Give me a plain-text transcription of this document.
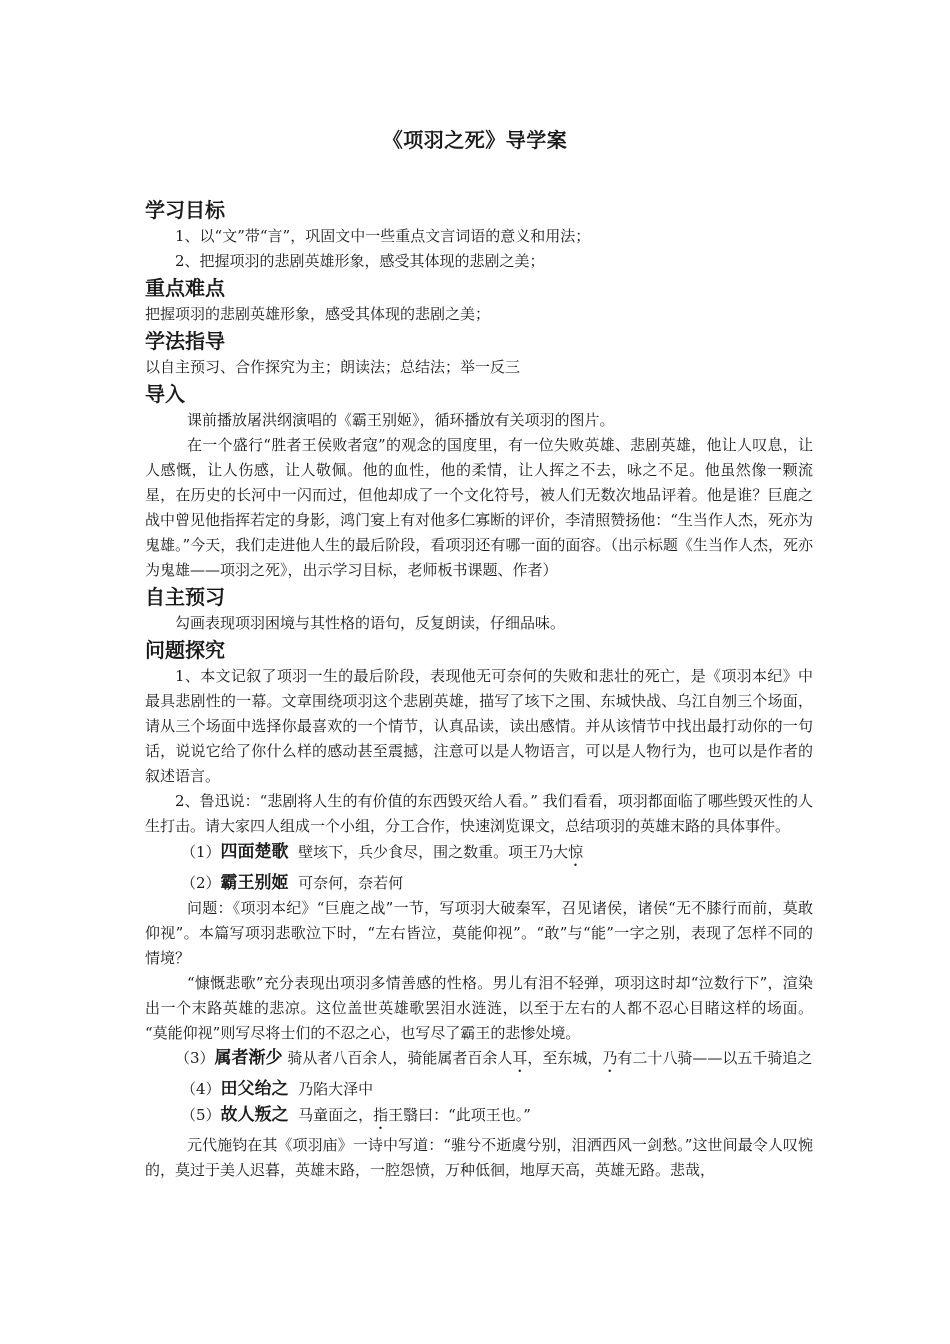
《项羽之死》导学案

学习目标

1、以“文”带“言”，巩固文中一些重点文言词语的意义和用法；

2、把握项羽的悲剧英雄形象，感受其体现的悲剧之美；

重点难点

把握项羽的悲剧英雄形象，感受其体现的悲剧之美；

学法指导

以自主预习、合作探究为主；朗读法；总结法；举一反三

导入

课前播放屠洪纲演唱的《霸王别姬》，循环播放有关项羽的图片。

在一个盛行“胜者王侯败者寇”的观念的国度里，有一位失败英雄、悲剧英雄，他让人叹息，让人感慨，让人伤感，让人敬佩。他的血性，他的柔情，让人挥之不去，咏之不足。他虽然像一颗流星，在历史的长河中一闪而过，但他却成了一个文化符号，被人们无数次地品评着。他是谁？巨鹿之战中曾见他指挥若定的身影，鸿门宴上有对他多仁寡断的评价，李清照赞扬他：“生当作人杰，死亦为鬼雄。”今天，我们走进他人生的最后阶段，看项羽还有哪一面的面容。（出示标题《生当作人杰，死亦为鬼雄——项羽之死》，出示学习目标，老师板书课题、作者）

自主预习

勾画表现项羽困境与其性格的语句，反复朗读，仔细品味。

问题探究

1、本文记叙了项羽一生的最后阶段，表现他无可奈何的失败和悲壮的死亡，是《项羽本纪》中最具悲剧性的一幕。文章围绕项羽这个悲剧英雄，描写了垓下之围、东城快战、乌江自刎三个场面，请从三个场面中选择你最喜欢的一个情节，认真品读，读出感情。并从该情节中找出最打动你的一句话，说说它给了你什么样的感动甚至震撼，注意可以是人物语言，可以是人物行为，也可以是作者的叙述语言。

2、鲁迅说：“悲剧将人生的有价值的东西毁灭给人看。” 我们看看，项羽都面临了哪些毁灭性的人生打击。请大家四人组成一个小组，分工合作，快速浏览课文，总结项羽的英雄末路的具体事件。

（1）四面楚歌 壁垓下，兵少食尽，围之数重。项王乃大惊

（2）霸王别姬 可奈何，奈若何

问题：《项羽本纪》“巨鹿之战”一节，写项羽大破秦军，召见诸侯，诸侯“无不膝行而前，莫敢仰视”。本篇写项羽悲歌泣下时，“左右皆泣，莫能仰视”。“敢”与“能”一字之别，表现了怎样不同的情境？

“慷慨悲歌”充分表现出项羽多情善感的性格。男儿有泪不轻弹，项羽这时却“泣数行下”，渲染出一个末路英雄的悲凉。这位盖世英雄歌罢泪水涟涟，以至于左右的人都不忍心目睹这样的场面。 “莫能仰视”则写尽将士们的不忍之心，也写尽了霸王的悲惨处境。

（3）属者渐少 骑从者八百余人，骑能属者百余人耳，至东城，乃有二十八骑——以五千骑追之

（4）田父绐之 乃陷大泽中

（5）故人叛之 马童面之，指王翳曰：“此项王也。”

元代施钧在其《项羽庙》一诗中写道：“骓兮不逝虞兮别，泪洒西风一剑愁。”这世间最令人叹惋的，莫过于美人迟暮，英雄末路，一腔怨愤，万种低徊，地厚天高，英雄无路。悲哉，
